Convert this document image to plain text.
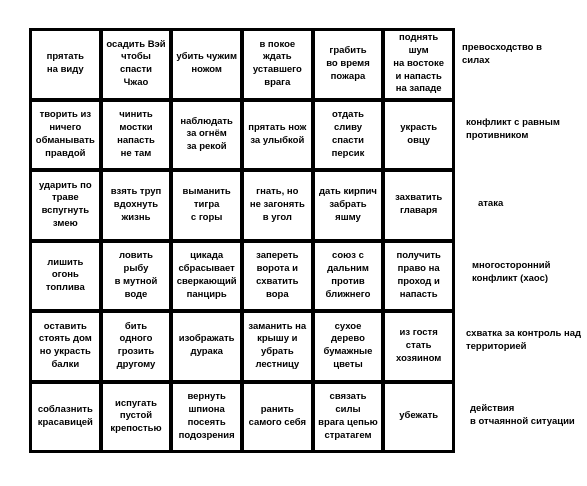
прятать
на виду
осадить Вэй
чтобы спасти
Чжао
убить чужим
ножом
в покое
ждать
уставшего
врага
грабить
во время
пожара
поднять шум
на востоке
и напасть
на западе
творить из
ничего
обманывать
правдой
чинить
мостки
напасть
не там
наблюдать
за огнём
за рекой
прятать нож
за улыбкой
отдать сливу
спасти
персик
украсть
овцу
ударить по
траве
вспугнуть
змею
взять труп
вдохнуть
жизнь
выманить
тигра
с горы
гнать, но
не загонять
в угол
дать кирпич
забрать
яшму
захватить
главаря
лишить
огонь
топлива
ловить рыбу
в мутной
воде
цикада
сбрасывает
сверкающий
панцирь
запереть
ворота и
схватить
вора
союз с
дальним
против
ближнего
получить
право на
проход и
напасть
оставить
стоять дом
но украсть
балки
бить
одного
грозить
другому
изображать
дурака
заманить на
крышу и
убрать
лестницу
сухое
дерево
бумажные
цветы
из гостя
стать
хозяином
соблазнить
красавицей
испугать
пустой
крепостью
вернуть
шпиона
посеять
подозрения
ранить
самого себя
связать силы
врага цепью
стратагем
убежать
превосходство в
силах
конфликт с равным
противником
атака
многосторонний
конфликт (хаос)
схватка за контроль над
территорией
действия
в отчаянной ситуации
